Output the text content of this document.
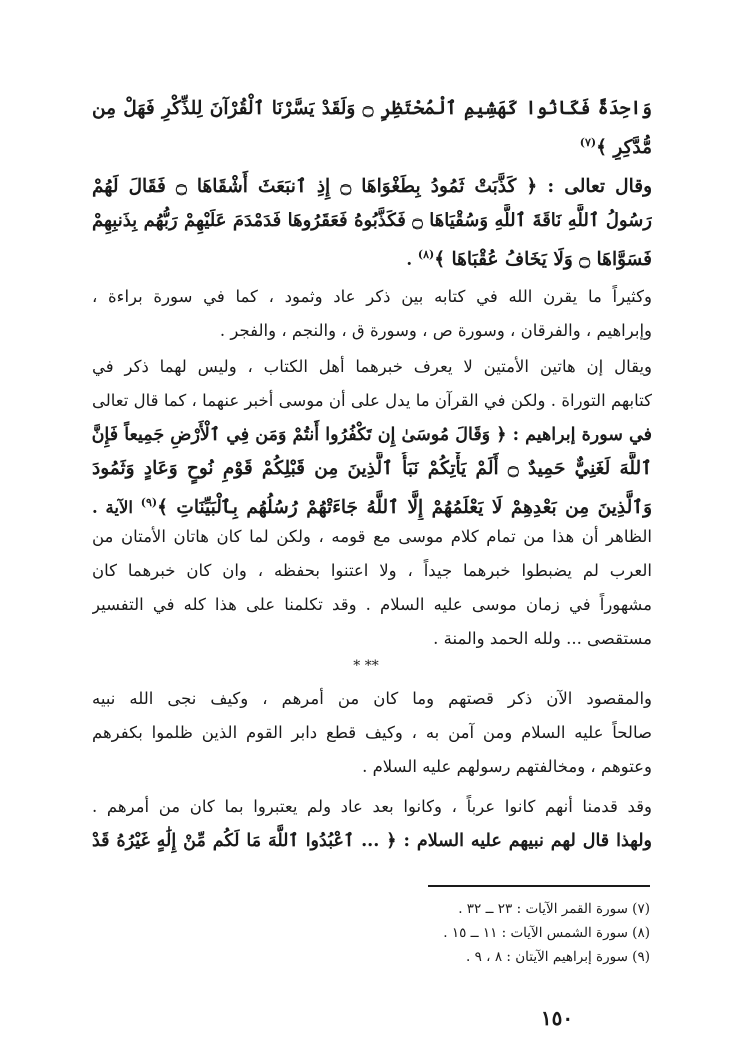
وَاحِدَةً فَكَانُوا كَهَشِيمِ ٱلْمُحْتَظِرِ ۝ وَلَقَدْ يَسَّرْنَا ٱلْقُرْآنَ لِلذِّكْرِ فَهَلْ مِن
مُّدَّكِرٍ ﴾$^{(٧)}$
وقال تعالى : ﴿ كَذَّبَتْ ثَمُودُ بِطَغْوَاهَا ۝ إِذِ ٱنبَعَثَ أَشْقَاهَا ۝ فَقَالَ لَهُمْ
رَسُولُ ٱللَّهِ نَاقَةَ ٱللَّهِ وَسُقْيَاهَا ۝ فَكَذَّبُوهُ فَعَقَرُوهَا فَدَمْدَمَ عَلَيْهِمْ رَبُّهُم بِذَنبِهِمْ
فَسَوَّاهَا ۝ وَلَا يَخَافُ عُقْبَاهَا ﴾$^{(٨)}$ .
وكثيراً ما يقرن الله في كتابه بين ذكر عاد وثمود ، كما في سورة براءة ،
وإبراهيم ، والفرقان ، وسورة ص ، وسورة ق ، والنجم ، والفجر .
ويقال إن هاتين الأمتين لا يعرف خبرهما أهل الكتاب ، وليس لهما ذكر في
كتابهم التوراة . ولكن في القرآن ما يدل على أن موسى أخبر عنهما ، كما قال تعالى
في سورة إبراهيم : ﴿ وَقَالَ مُوسَىٰ إِن تَكْفُرُوا أَنتُمْ وَمَن فِي ٱلْأَرْضِ جَمِيعاً فَإِنَّ
ٱللَّهَ لَغَنِيٌّ حَمِيدٌ ۝ أَلَمْ يَأْتِكُمْ نَبَأُ ٱلَّذِينَ مِن قَبْلِكُمْ قَوْمِ نُوحٍ وَعَادٍ وَثَمُودَ
وَٱلَّذِينَ مِن بَعْدِهِمْ لَا يَعْلَمُهُمْ إِلَّا ٱللَّهُ جَاءَتْهُمْ رُسُلُهُم بِٱلْبَيِّنَاتِ ﴾$^{(٩)}$ الآية .
الظاهر أن هذا من تمام كلام موسى مع قومه ، ولكن لما كان هاتان الأمتان من
العرب لم يضبطوا خبرهما جيداً ، ولا اعتنوا بحفظه ، وان كان خبرهما كان
مشهوراً في زمان موسى عليه السلام . وقد تكلمنا على هذا كله في التفسير
مستقصى ... ولله الحمد والمنة .
* **
والمقصود الآن ذكر قصتهم وما كان من أمرهم ، وكيف نجى الله نبيه
صالحاً عليه السلام ومن آمن به ، وكيف قطع دابر القوم الذين ظلموا بكفرهم
وعتوهم ، ومخالفتهم رسولهم عليه السلام .
وقد قدمنا أنهم كانوا عرباً ، وكانوا بعد عاد ولم يعتبروا بما كان من أمرهم .
ولهذا قال لهم نبيهم عليه السلام : ﴿ ... ٱعْبُدُوا ٱللَّهَ مَا لَكُم مِّنْ إِلَٰهٍ غَيْرُهُ قَدْ
(٧) سورة القمر الآيات : ٢٣ ــ ٣٢ .
(٨) سورة الشمس الآيات : ١١ ــ ١٥ .
(٩) سورة إبراهيم الآيتان : ٨ ، ٩ .
١٥٠
